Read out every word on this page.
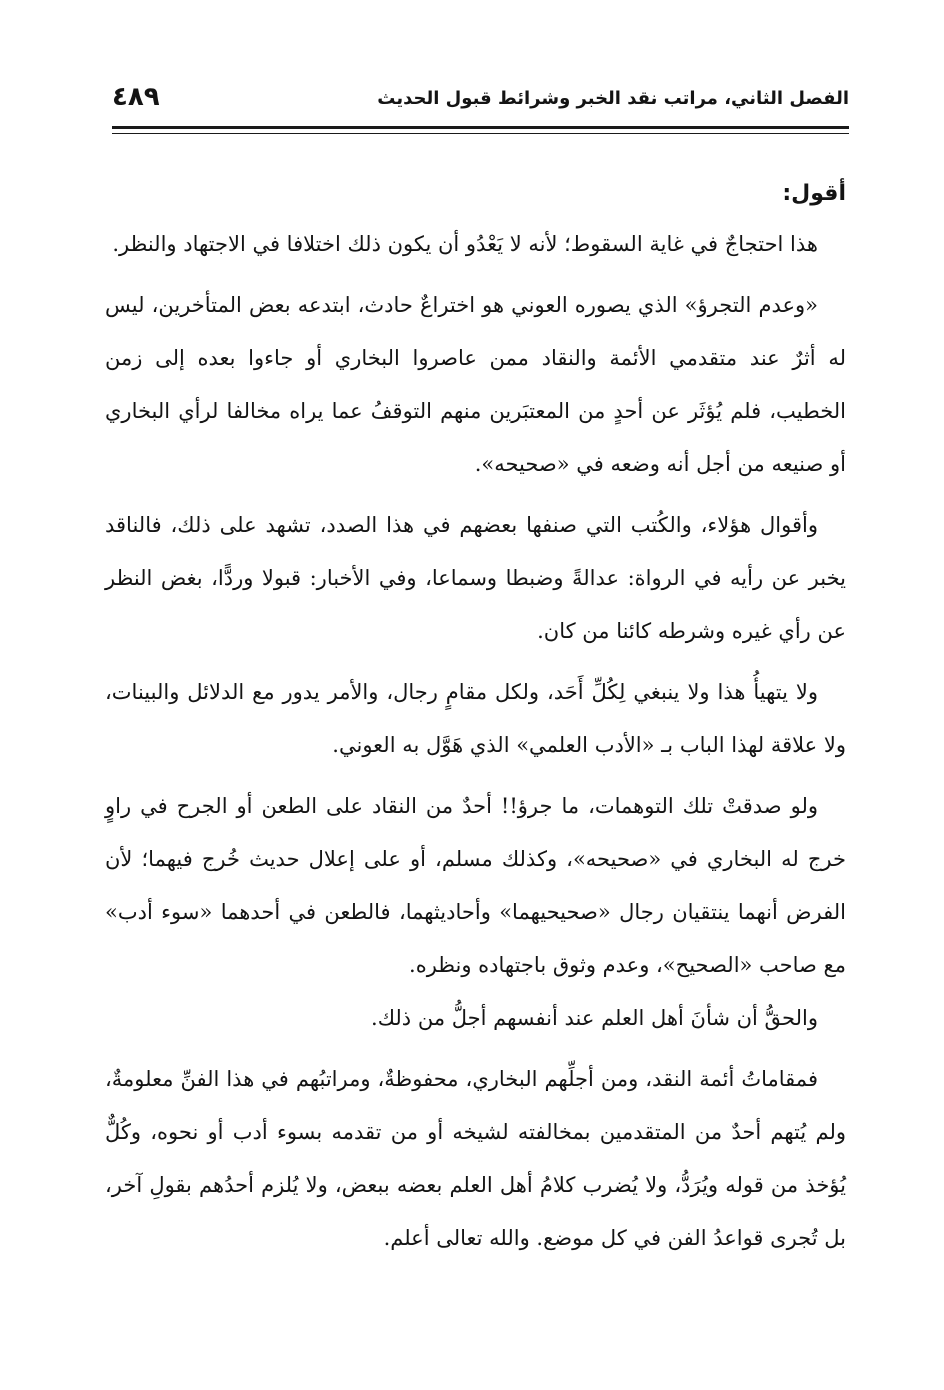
الفصل الثاني، مراتب نقد الخبر وشرائط قبول الحديث
٤٨٩

أقول:

هذا احتجاجٌ في غاية السقوط؛ لأنه لا يَعْدُو أن يكون ذلك اختلافا في الاجتهاد والنظر.

«وعدم التجرؤ» الذي يصوره العوني هو اختراعٌ حادث، ابتدعه بعض المتأخرين، ليس له أثرٌ عند متقدمي الأئمة والنقاد ممن عاصروا البخاري أو جاءوا بعده إلى زمن الخطيب، فلم يُؤثَر عن أحدٍ من المعتبَرين منهم التوقفُ عما يراه مخالفا لرأي البخاري أو صنيعه من أجل أنه وضعه في «صحيحه».

وأقوال هؤلاء، والكُتب التي صنفها بعضهم في هذا الصدد، تشهد على ذلك، فالناقد يخبر عن رأيه في الرواة: عدالةً وضبطا وسماعا، وفي الأخبار: قبولا وردًّا، بغض النظر عن رأي غيره وشرطه كائنا من كان.

ولا يتهيأُ هذا ولا ينبغي لِكُلِّ أَحَد، ولكل مقامٍ رجال، والأمر يدور مع الدلائل والبينات، ولا علاقة لهذا الباب بـ «الأدب العلمي» الذي هَوَّل به العوني.

ولو صدقتْ تلك التوهمات، ما جرؤ!! أحدٌ من النقاد على الطعن أو الجرح في راوٍ خرج له البخاري في «صحيحه»، وكذلك مسلم، أو على إعلال حديث خُرج فيهما؛ لأن الفرض أنهما ينتقيان رجال «صحيحيهما» وأحاديثهما، فالطعن في أحدهما «سوء أدب» مع صاحب «الصحيح»، وعدم وثوق باجتهاده ونظره.

والحقُّ أن شأنَ أهل العلم عند أنفسهم أجلُّ من ذلك.

فمقاماتُ أئمة النقد، ومن أجلِّهم البخاري، محفوظةٌ، ومراتبُهم في هذا الفنِّ معلومةٌ، ولم يُتهم أحدٌ من المتقدمين بمخالفته لشيخه أو من تقدمه بسوء أدب أو نحوه، وكُلٌّ يُؤخذ من قوله ويُرَدُّ، ولا يُضرب كلامُ أهل العلم بعضه ببعض، ولا يُلزم أحدُهم بقولِ آخر، بل تُجرى قواعدُ الفن في كل موضع. والله تعالى أعلم.
